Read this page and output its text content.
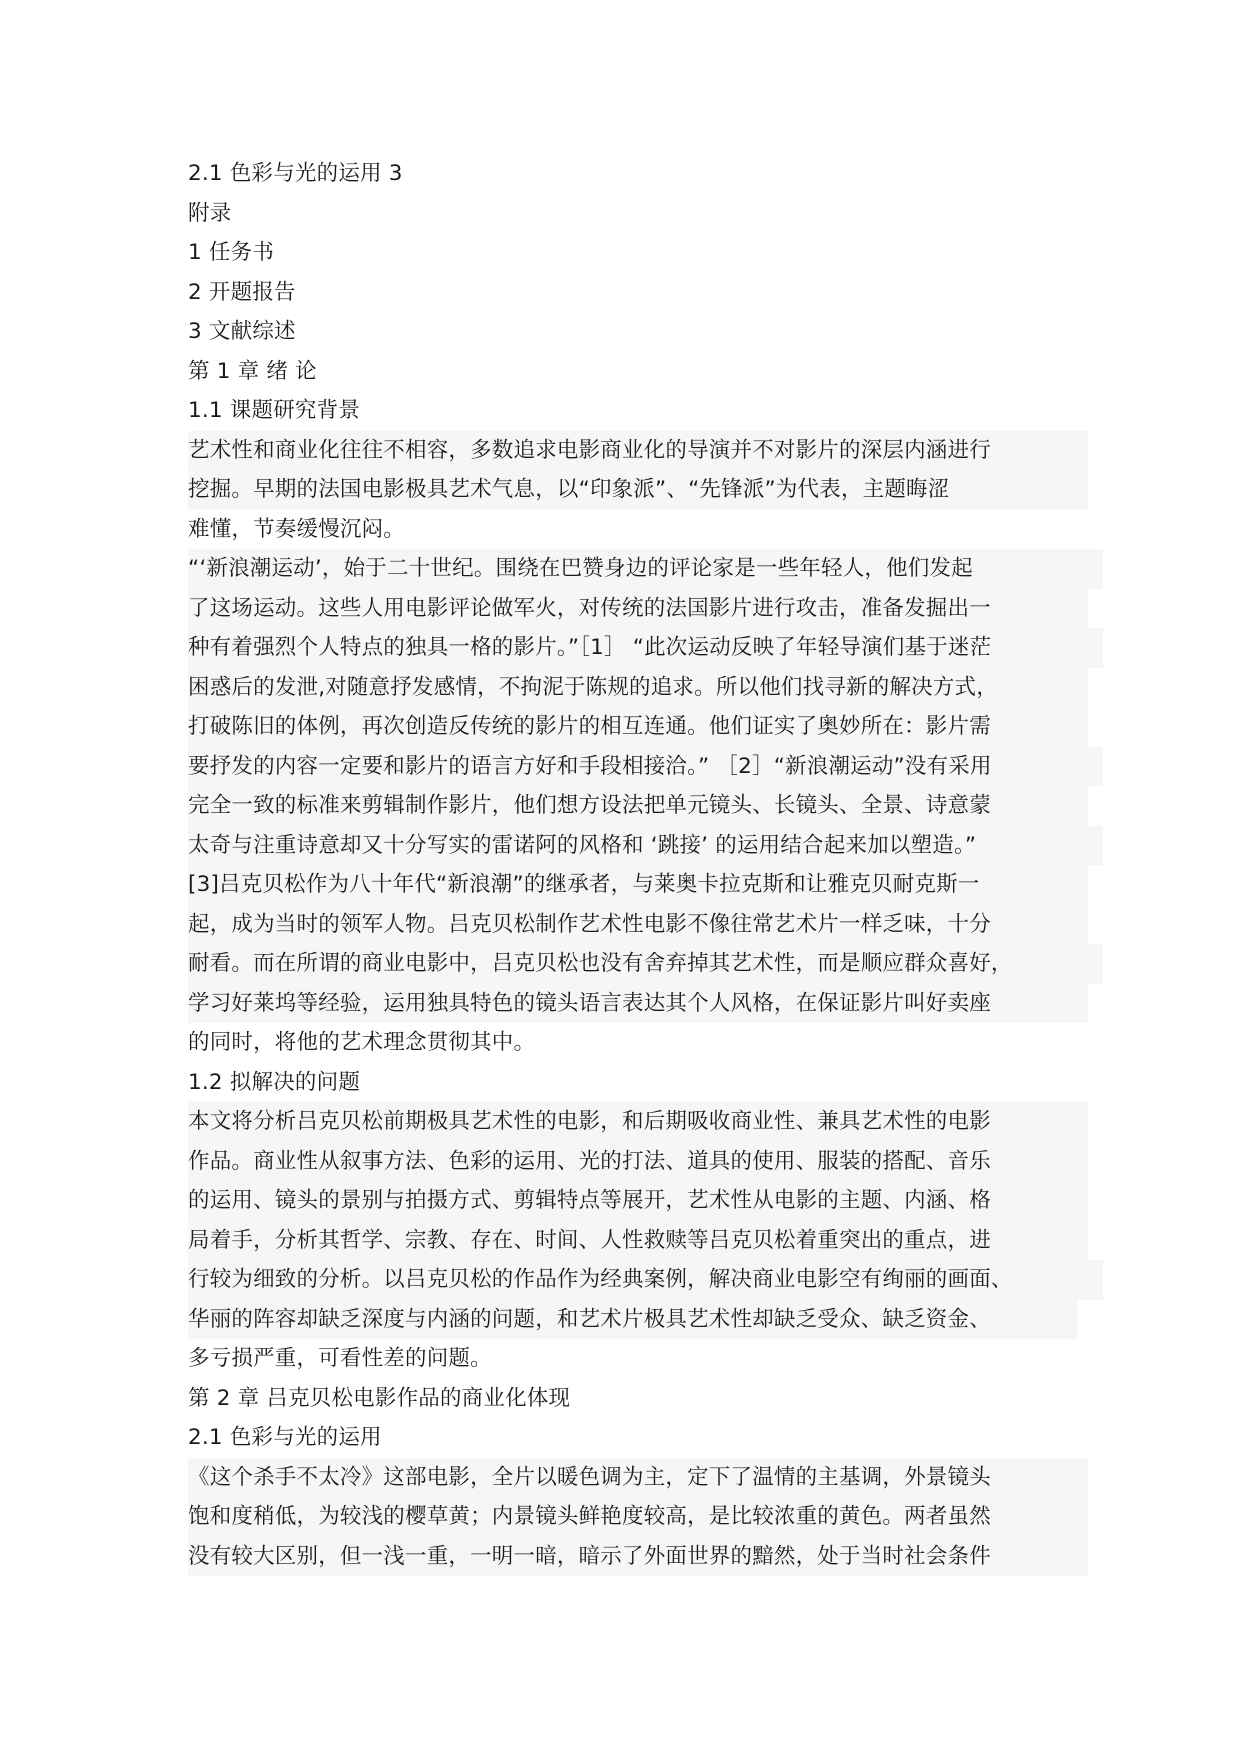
2.1 色彩与光的运用 3
附录
1 任务书
2 开题报告
3 文献综述
第 1 章 绪 论
1.1 课题研究背景
艺术性和商业化往往不相容，多数追求电影商业化的导演并不对影片的深层内涵进行
挖掘。早期的法国电影极具艺术气息，以“印象派”、“先锋派”为代表，主题晦涩
难懂，节奏缓慢沉闷。
“‘新浪潮运动’，始于二十世纪。围绕在巴赞身边的评论家是一些年轻人，他们发起
了这场运动。这些人用电影评论做军火，对传统的法国影片进行攻击，准备发掘出一
种有着强烈个人特点的独具一格的影片。”［1］ “此次运动反映了年轻导演们基于迷茫
困惑后的发泄,对随意抒发感情，不拘泥于陈规的追求。所以他们找寻新的解决方式，
打破陈旧的体例，再次创造反传统的影片的相互连通。他们证实了奥妙所在：影片需
要抒发的内容一定要和影片的语言方好和手段相接洽。” ［2］“新浪潮运动”没有采用
完全一致的标准来剪辑制作影片，他们想方设法把单元镜头、长镜头、全景、诗意蒙
太奇与注重诗意却又十分写实的雷诺阿的风格和 ‘跳接’ 的运用结合起来加以塑造。”
[3]吕克贝松作为八十年代“新浪潮”的继承者，与莱奥卡拉克斯和让雅克贝耐克斯一
起，成为当时的领军人物。吕克贝松制作艺术性电影不像往常艺术片一样乏味，十分
耐看。而在所谓的商业电影中，吕克贝松也没有舍弃掉其艺术性，而是顺应群众喜好，
学习好莱坞等经验，运用独具特色的镜头语言表达其个人风格，在保证影片叫好卖座
的同时，将他的艺术理念贯彻其中。
1.2 拟解决的问题
本文将分析吕克贝松前期极具艺术性的电影，和后期吸收商业性、兼具艺术性的电影
作品。商业性从叙事方法、色彩的运用、光的打法、道具的使用、服装的搭配、音乐
的运用、镜头的景别与拍摄方式、剪辑特点等展开，艺术性从电影的主题、内涵、格
局着手，分析其哲学、宗教、存在、时间、人性救赎等吕克贝松着重突出的重点，进
行较为细致的分析。以吕克贝松的作品作为经典案例，解决商业电影空有绚丽的画面、
华丽的阵容却缺乏深度与内涵的问题，和艺术片极具艺术性却缺乏受众、缺乏资金、
多亏损严重，可看性差的问题。
第 2 章 吕克贝松电影作品的商业化体现
2.1 色彩与光的运用
《这个杀手不太冷》这部电影，全片以暖色调为主，定下了温情的主基调，外景镜头
饱和度稍低，为较浅的樱草黄；内景镜头鲜艳度较高，是比较浓重的黄色。两者虽然
没有较大区别，但一浅一重，一明一暗，暗示了外面世界的黯然，处于当时社会条件
